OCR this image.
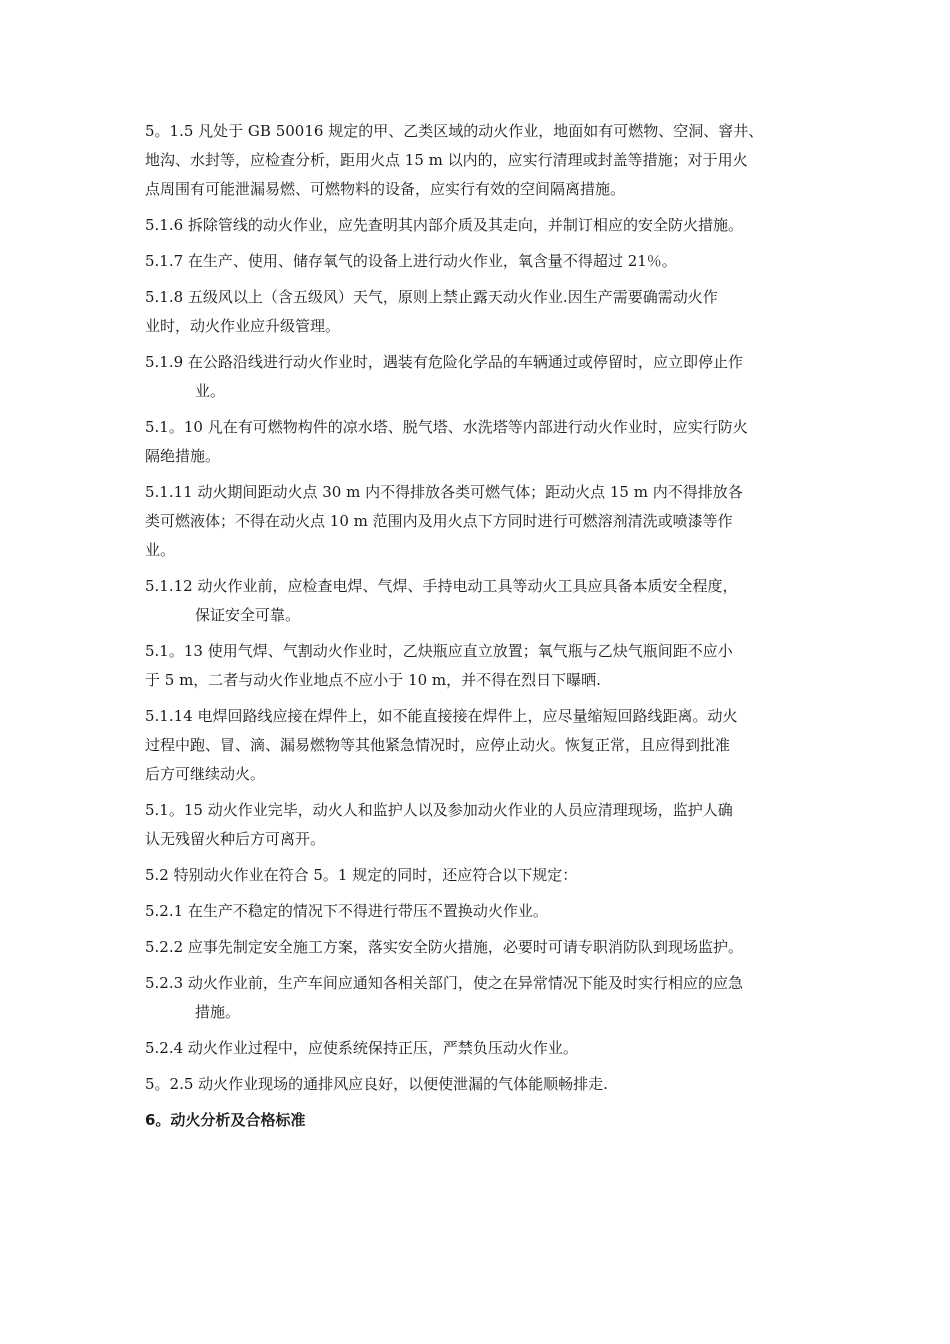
5。1.5 凡处于 GB 50016 规定的甲、乙类区域的动火作业，地面如有可燃物、空洞、窨井、
地沟、水封等，应检查分析，距用火点 15 m 以内的，应实行清理或封盖等措施；对于用火
点周围有可能泄漏易燃、可燃物料的设备，应实行有效的空间隔离措施。
5.1.6 拆除管线的动火作业，应先查明其内部介质及其走向，并制订相应的安全防火措施。
5.1.7 在生产、使用、储存氧气的设备上进行动火作业，氧含量不得超过 21％。
5.1.8 五级风以上（含五级风）天气，原则上禁止露天动火作业.因生产需要确需动火作
业时，动火作业应升级管理。
5.1.9 在公路沿线进行动火作业时，遇装有危险化学品的车辆通过或停留时，应立即停止作
业。
5.1。10 凡在有可燃物构件的凉水塔、脱气塔、水洗塔等内部进行动火作业时，应实行防火
隔绝措施。
5.1.11 动火期间距动火点 30 m 内不得排放各类可燃气体；距动火点 15 m 内不得排放各
类可燃液体；不得在动火点 10 m 范围内及用火点下方同时进行可燃溶剂清洗或喷漆等作
业。
5.1.12 动火作业前，应检查电焊、气焊、手持电动工具等动火工具应具备本质安全程度，
保证安全可靠。
5.1。13 使用气焊、气割动火作业时，乙炔瓶应直立放置；氧气瓶与乙炔气瓶间距不应小
于 5 m，二者与动火作业地点不应小于 10 m，并不得在烈日下曝晒.
5.1.14 电焊回路线应接在焊件上，如不能直接接在焊件上，应尽量缩短回路线距离。动火
过程中跑、冒、滴、漏易燃物等其他紧急情况时，应停止动火。恢复正常，且应得到批准
后方可继续动火。
5.1。15 动火作业完毕，动火人和监护人以及参加动火作业的人员应清理现场，监护人确
认无残留火种后方可离开。
5.2 特别动火作业在符合 5。1 规定的同时，还应符合以下规定：
5.2.1 在生产不稳定的情况下不得进行带压不置换动火作业。
5.2.2 应事先制定安全施工方案，落实安全防火措施，必要时可请专职消防队到现场监护。
5.2.3 动火作业前，生产车间应通知各相关部门，使之在异常情况下能及时实行相应的应急
措施。
5.2.4 动火作业过程中，应使系统保持正压，严禁负压动火作业。
5。2.5 动火作业现场的通排风应良好，以便使泄漏的气体能顺畅排走.
6。动火分析及合格标准
